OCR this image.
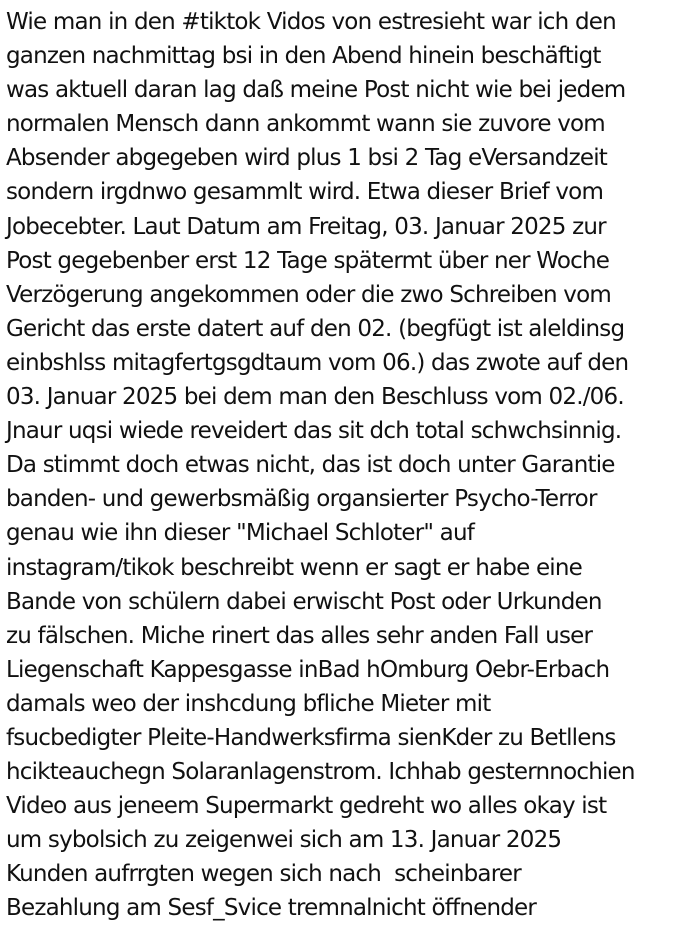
Wie man in den #tiktok Vidos von estresieht war ich den
ganzen nachmittag bsi in den Abend hinein beschäftigt
was aktuell daran lag daß meine Post nicht wie bei jedem
normalen Mensch dann ankommt wann sie zuvore vom
Absender abgegeben wird plus 1 bsi 2 Tag eVersandzeit
sondern irgdnwo gesammlt wird. Etwa dieser Brief vom
Jobecebter. Laut Datum am Freitag, 03. Januar 2025 zur
Post gegebenber erst 12 Tage spätermt über ner Woche
Verzögerung angekommen oder die zwo Schreiben vom
Gericht das erste datert auf den 02. (begfügt ist aleldinsg
einbshlss mitagfertgsgdtaum vom 06.) das zwote auf den
03. Januar 2025 bei dem man den Beschluss vom 02./06.
Jnaur uqsi wiede reveidert das sit dch total schwchsinnig.
Da stimmt doch etwas nicht, das ist doch unter Garantie
banden- und gewerbsmäßig organsierter Psycho-Terror
genau wie ihn dieser "Michael Schloter" auf
instagram/tikok beschreibt wenn er sagt er habe eine
Bande von schülern dabei erwischt Post oder Urkunden
zu fälschen. Miche rinert das alles sehr anden Fall user
Liegenschaft Kappesgasse inBad hOmburg Oebr-Erbach
damals weo der inshcdung bfliche Mieter mit
fsucbedigter Pleite-Handwerksfirma sienKder zu Betllens
hcikteauchegn Solaranlagenstrom. Ichhab gesternnochien
Video aus jeneem Supermarkt gedreht wo alles okay ist
um sybolsich zu zeigenwei sich am 13. Januar 2025
Kunden aufrrgten wegen sich nach  scheinbarer
Bezahlung am Sesf_Svice tremnalnicht öffnender
